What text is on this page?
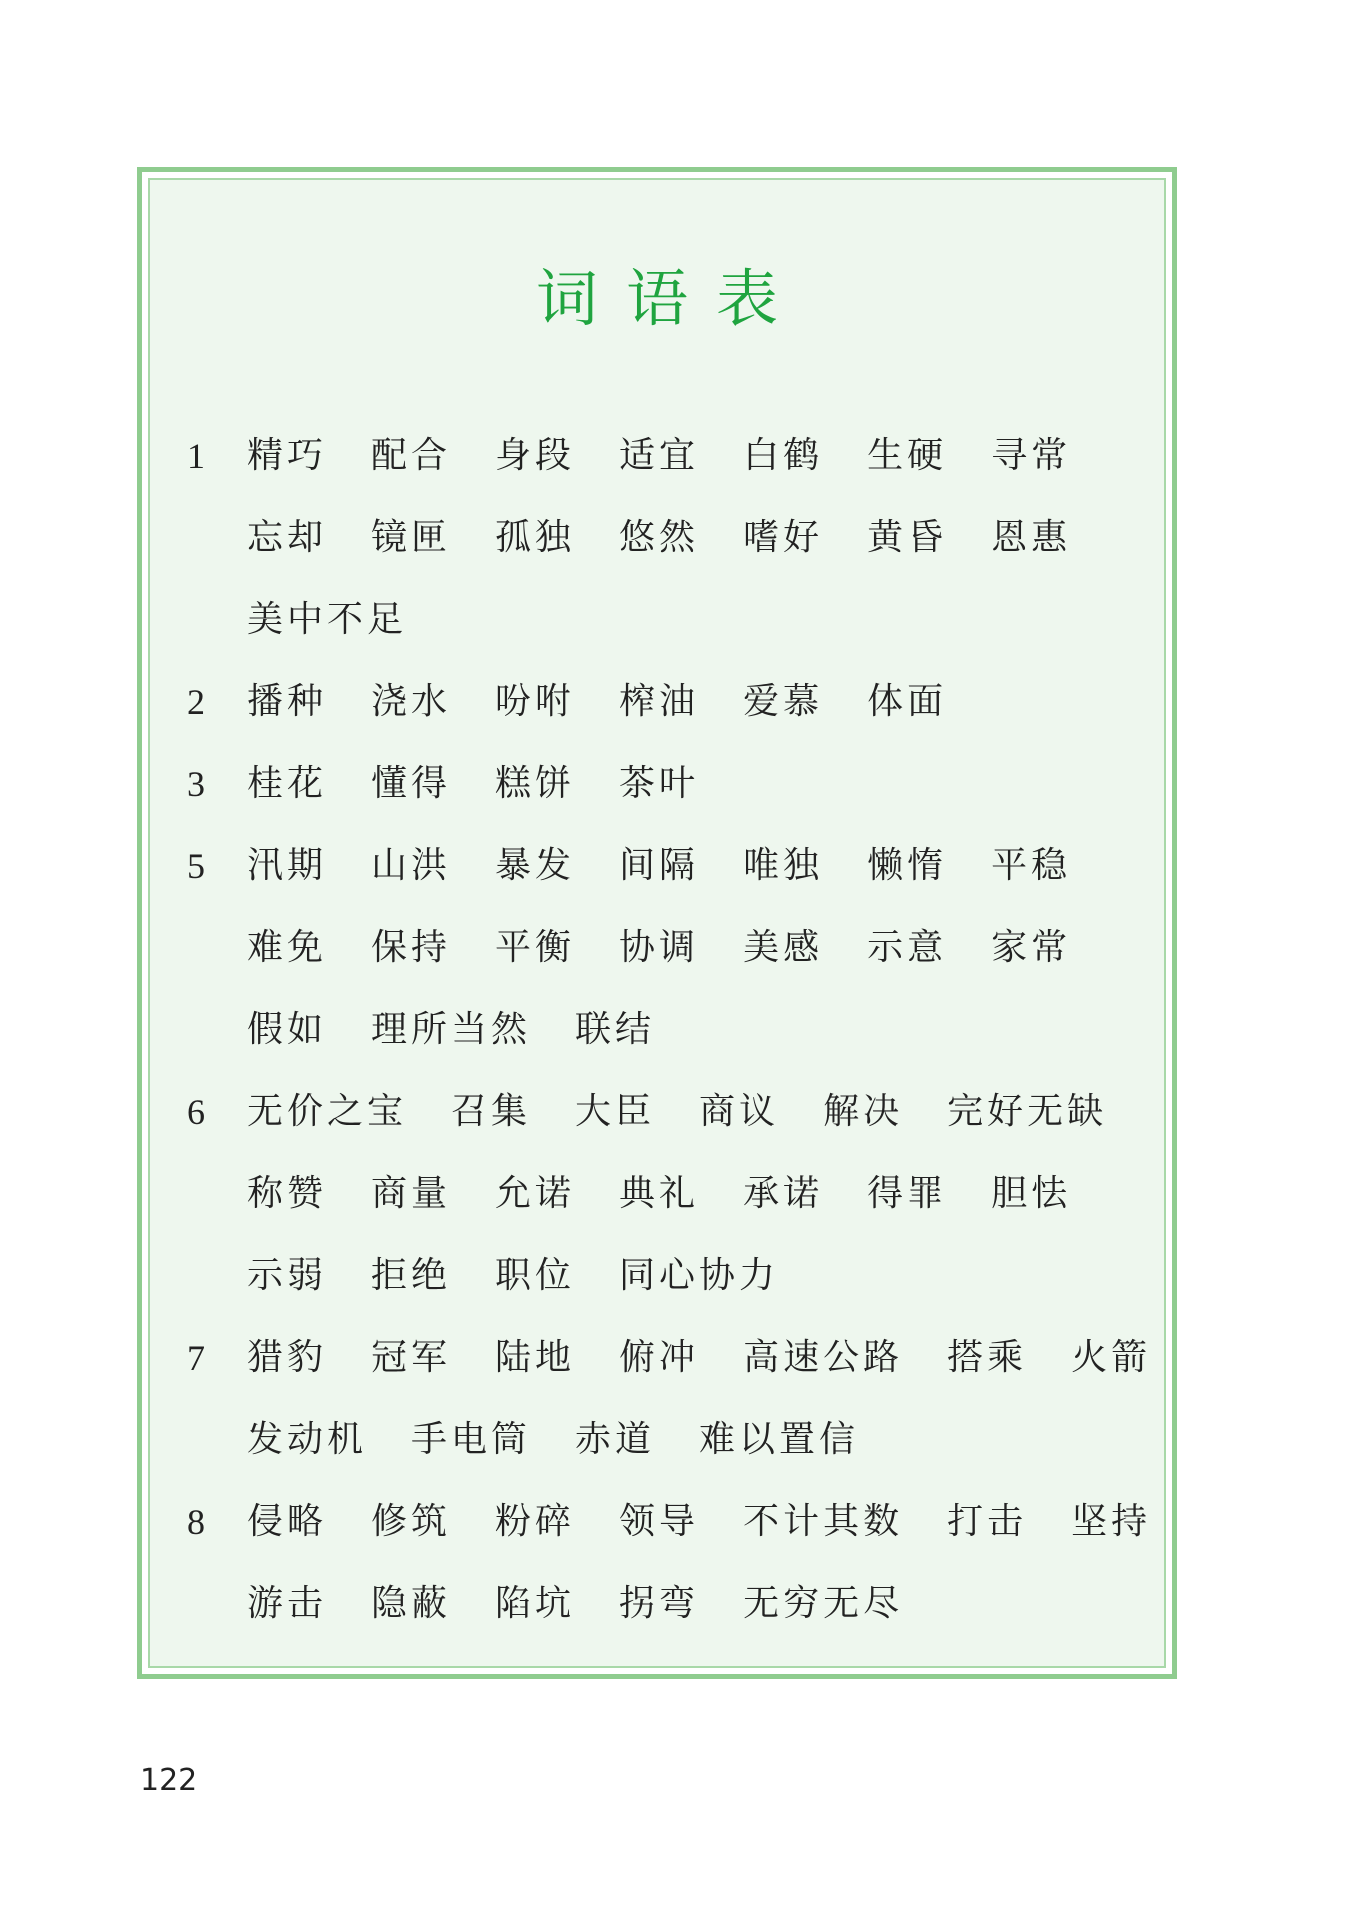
词语表
1	精巧 配合 身段 适宜 白鹤 生硬 寻常
忘却 镜匣 孤独 悠然 嗜好 黄昏 恩惠
美中不足
2	播种 浇水 吩咐 榨油 爱慕 体面
3	桂花 懂得 糕饼 茶叶
5	汛期 山洪 暴发 间隔 唯独 懒惰 平稳
难免 保持 平衡 协调 美感 示意 家常
假如 理所当然 联结
6	无价之宝 召集 大臣 商议 解决 完好无缺
称赞 商量 允诺 典礼 承诺 得罪 胆怯
示弱 拒绝 职位 同心协力
7	猎豹 冠军 陆地 俯冲 高速公路 搭乘 火箭
发动机 手电筒 赤道 难以置信
8	侵略 修筑 粉碎 领导 不计其数 打击 坚持
游击 隐蔽 陷坑 拐弯 无穷无尽
122
